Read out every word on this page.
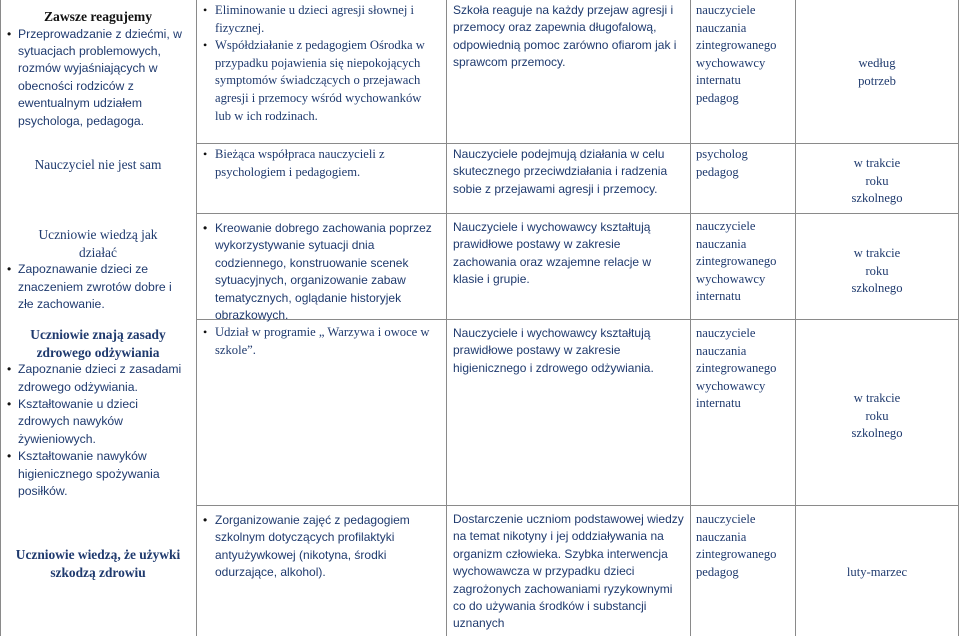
Zawsze reagujemy

• Przeprowadzanie z dziećmi, w sytuacjach problemowych, rozmów wyjaśniających w obecności rodziców z ewentualnym udziałem psychologa, pedagoga.

Nauczyciel nie jest sam

Uczniowie wiedzą jak działać

• Zapoznawanie dzieci ze znaczeniem zwrotów dobre i złe zachowanie.

Uczniowie znają zasady zdrowego odżywiania

• Zapoznanie dzieci z zasadami zdrowego odżywiania.
• Kształtowanie u dzieci zdrowych nawyków żywieniowych.
• Kształtowanie nawyków higienicznego spożywania posiłków.

Uczniowie wiedzą, że używki szkodzą zdrowiu

• Eliminowanie u dzieci agresji słownej i fizycznej.
• Współdziałanie z pedagogiem Ośrodka w przypadku pojawienia się niepokojących symptomów świadczących o przejawach agresji i przemocy wśród wychowanków lub w ich rodzinach.
• Bieżąca współpraca nauczycieli z psychologiem i pedagogiem.
• Kreowanie dobrego zachowania poprzez wykorzystywanie sytuacji dnia codziennego, konstruowanie scenek sytuacyjnych, organizowanie zabaw tematycznych, oglądanie historyjek obrazkowych.
• Udział w programie „ Warzywa i owoce w szkole”.
• Zorganizowanie zajęć z pedagogiem szkolnym dotyczących profilaktyki antyużywkowej (nikotyna, środki odurzające, alkohol).

Szkoła reaguje na każdy przejaw agresji i przemocy oraz zapewnia długofalową, odpowiednią pomoc zarówno ofiarom jak i sprawcom przemocy.

Nauczyciele podejmują działania w celu skutecznego przeciwdziałania i radzenia sobie z przejawami agresji i przemocy.

Nauczyciele i wychowawcy kształtują prawidłowe postawy w zakresie zachowania oraz wzajemne relacje w klasie i grupie.

Nauczyciele i wychowawcy kształtują prawidłowe postawy w zakresie higienicznego i zdrowego odżywiania.

Dostarczenie uczniom podstawowej wiedzy na temat nikotyny i jej oddziaływania na organizm człowieka. Szybka interwencja wychowawcza w przypadku dzieci zagrożonych zachowaniami ryzykownymi co do używania środków i substancji uznanych

nauczyciele

nauczania

zintegrowanego

wychowawcy

internatu

pedagog

psycholog

pedagog

nauczyciele

nauczania

zintegrowanego

wychowawcy

internatu

nauczyciele

nauczania

zintegrowanego

wychowawcy

internatu

nauczyciele

nauczania

zintegrowanego

pedagog

według

potrzeb

w trakcie

roku

szkolnego

w trakcie

roku

szkolnego

w trakcie

roku

szkolnego

luty-marzec
